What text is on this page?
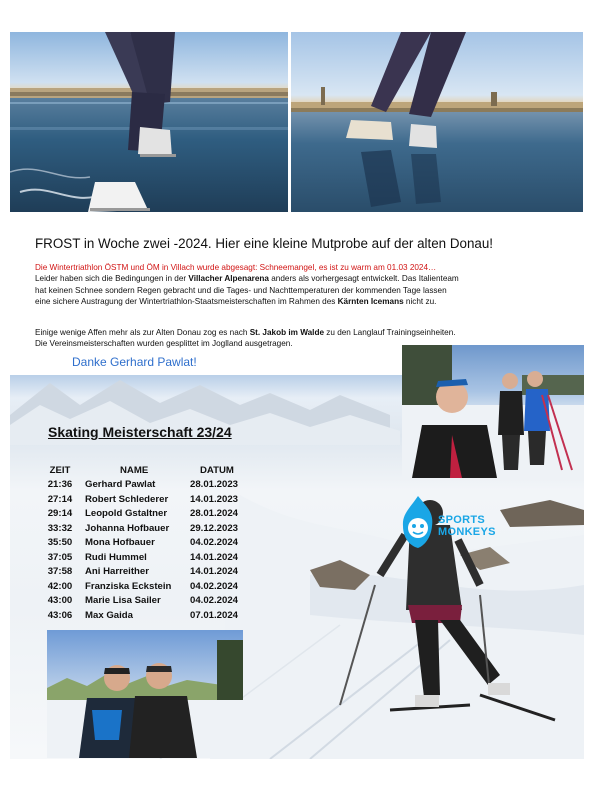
FROST in Woche zwei -2024. Hier eine kleine Mutprobe auf der alten Donau!
Die Wintertriathlon ÖSTM und ÖM in Villach wurde abgesagt: Schneemangel, es ist zu warm am 01.03 2024…
Leider haben sich die Bedingungen in der Villacher Alpenarena anders als vorhergesagt entwickelt. Das Italienteam
hat keinen Schnee sondern Regen gebracht und die Tages- und Nachttemperaturen der kommenden Tage lassen
eine sichere Austragung der Wintertriathlon-Staatsmeisterschaften im Rahmen des Kärnten Icemans nicht zu.
Einige wenige Affen mehr als zur Alten Donau zog es nach St. Jakob im Walde zu den Langlauf Trainingseinheiten.
Die Vereinsmeisterschaften wurden gesplittet im Joglland ausgetragen.
Danke Gerhard Pawlat!
Skating Meisterschaft 23/24
ZEIT	NAME	DATUM
21:36	Gerhard Pawlat	28.01.2023
27:14	Robert Schlederer	14.01.2023
29:14	Leopold Gstaltner	28.01.2024
33:32	Johanna Hofbauer	29.12.2023
35:50	Mona Hofbauer	04.02.2024
37:05	Rudi Hummel	14.01.2024
37:58	Ani Harreither	14.01.2024
42:00	Franziska Eckstein	04.02.2024
43:00	Marie Lisa Sailer	04.02.2024
43:06	Max Gaida	07.01.2024
SPORTS
MONKEYS
